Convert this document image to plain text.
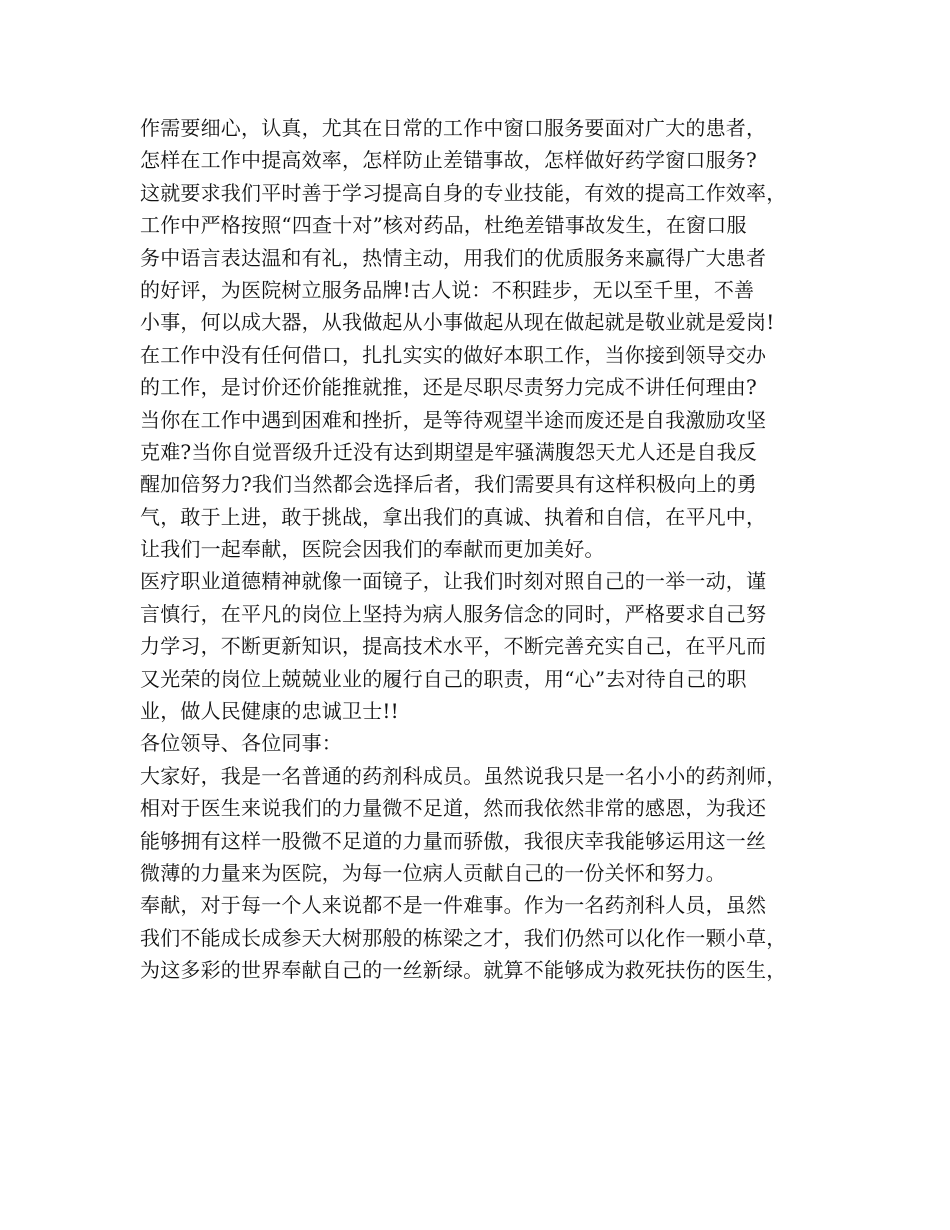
作需要细心，认真，尤其在日常的工作中窗口服务要面对广大的患者，
怎样在工作中提高效率，怎样防止差错事故，怎样做好药学窗口服务?
这就要求我们平时善于学习提高自身的专业技能，有效的提高工作效率，
工作中严格按照“四查十对”核对药品，杜绝差错事故发生，在窗口服
务中语言表达温和有礼，热情主动，用我们的优质服务来赢得广大患者
的好评，为医院树立服务品牌!古人说：不积跬步，无以至千里，不善
小事，何以成大器，从我做起从小事做起从现在做起就是敬业就是爱岗!
在工作中没有任何借口，扎扎实实的做好本职工作，当你接到领导交办
的工作，是讨价还价能推就推，还是尽职尽责努力完成不讲任何理由?
当你在工作中遇到困难和挫折，是等待观望半途而废还是自我激励攻坚
克难?当你自觉晋级升迁没有达到期望是牢骚满腹怨天尤人还是自我反
醒加倍努力?我们当然都会选择后者，我们需要具有这样积极向上的勇
气，敢于上进，敢于挑战，拿出我们的真诚、执着和自信，在平凡中，
让我们一起奉献，医院会因我们的奉献而更加美好。
医疗职业道德精神就像一面镜子，让我们时刻对照自己的一举一动，谨
言慎行，在平凡的岗位上坚持为病人服务信念的同时，严格要求自己努
力学习，不断更新知识，提高技术水平，不断完善充实自己，在平凡而
又光荣的岗位上兢兢业业的履行自己的职责，用“心”去对待自己的职
业，做人民健康的忠诚卫士!!
各位领导、各位同事：
大家好，我是一名普通的药剂科成员。虽然说我只是一名小小的药剂师，
相对于医生来说我们的力量微不足道，然而我依然非常的感恩，为我还
能够拥有这样一股微不足道的力量而骄傲，我很庆幸我能够运用这一丝
微薄的力量来为医院，为每一位病人贡献自己的一份关怀和努力。
奉献，对于每一个人来说都不是一件难事。作为一名药剂科人员，虽然
我们不能成长成参天大树那般的栋梁之才，我们仍然可以化作一颗小草，
为这多彩的世界奉献自己的一丝新绿。就算不能够成为救死扶伤的医生，
